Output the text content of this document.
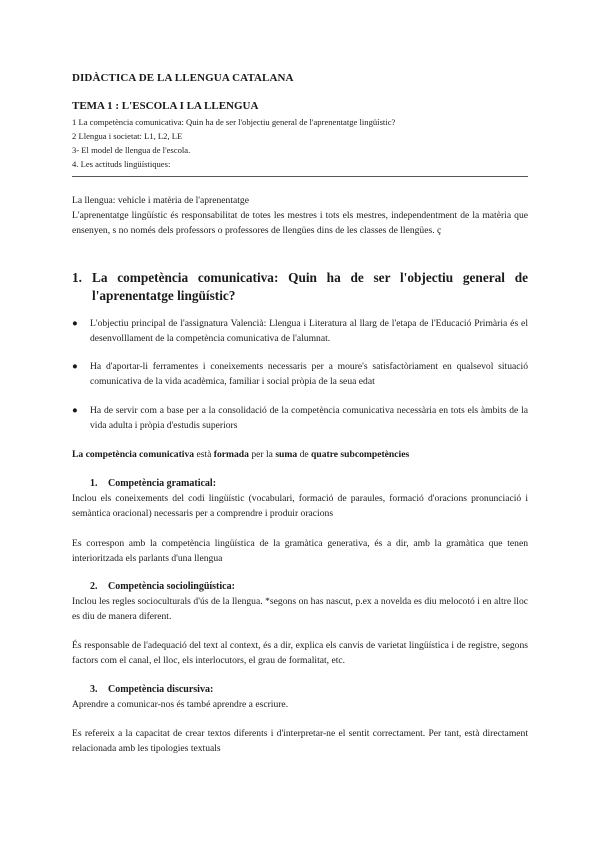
DIDÀCTICA DE LA LLENGUA CATALANA
TEMA 1 : L'ESCOLA I LA LLENGUA
1 La competència comunicativa: Quin ha de ser l'objectiu general de l'aprenentatge lingüístic?
2 Llengua i societat: L1, L2, LE
3- El model de llengua de l'escola.
4. Les actituds lingüístiques:
La llengua: vehicle i matèria de l'aprenentatge
L'aprenentatge lingüístic és responsabilitat de totes les mestres i tots els mestres, independentment de la matèria que ensenyen, s no només dels professors o professores de llengües dins de les classes de llengües. ç
1. La competència comunicativa: Quin ha de ser l'objectiu general de l'aprenentatge lingüístic?
● L'objectiu principal de l'assignatura Valencià: Llengua i Literatura al llarg de l'etapa de l'Educació Primària és el desenvolllament de la competència comunicativa de l'alumnat.
● Ha d'aportar-li ferramentes i coneixements necessaris per a moure's satisfactòriament en qualsevol situació comunicativa de la vida acadèmica, familiar i social pròpia de la seua edat
● Ha de servir com a base per a la consolidació de la competència comunicativa necessària en tots els àmbits de la vida adulta i pròpia d'estudis superiors
La competència comunicativa està formada per la suma de quatre subcompetències
1. Competència gramatical:
Inclou els coneixements del codi lingüístic (vocabulari, formació de paraules, formació d'oracions pronunciació i semàntica oracional) necessaris per a comprendre i produir oracions
Es correspon amb la competència lingüística de la gramàtica generativa, és a dir, amb la gramàtica que tenen interioritzada els parlants d'una llengua
2. Competència sociolingüística:
Inclou les regles socioculturals d'ús de la llengua. *segons on has nascut, p.ex a novelda es diu melocotó i en altre lloc es diu de manera diferent.
És responsable de l'adequació del text al context, és a dir, explica els canvis de varietat lingüística i de registre, segons factors com el canal, el lloc, els interlocutors, el grau de formalitat, etc.
3. Competència discursiva:
Aprendre a comunicar-nos és també aprendre a escriure.
Es refereix a la capacitat de crear textos diferents i d'interpretar-ne el sentit correctament. Per tant, està directament relacionada amb les tipologies textuals
